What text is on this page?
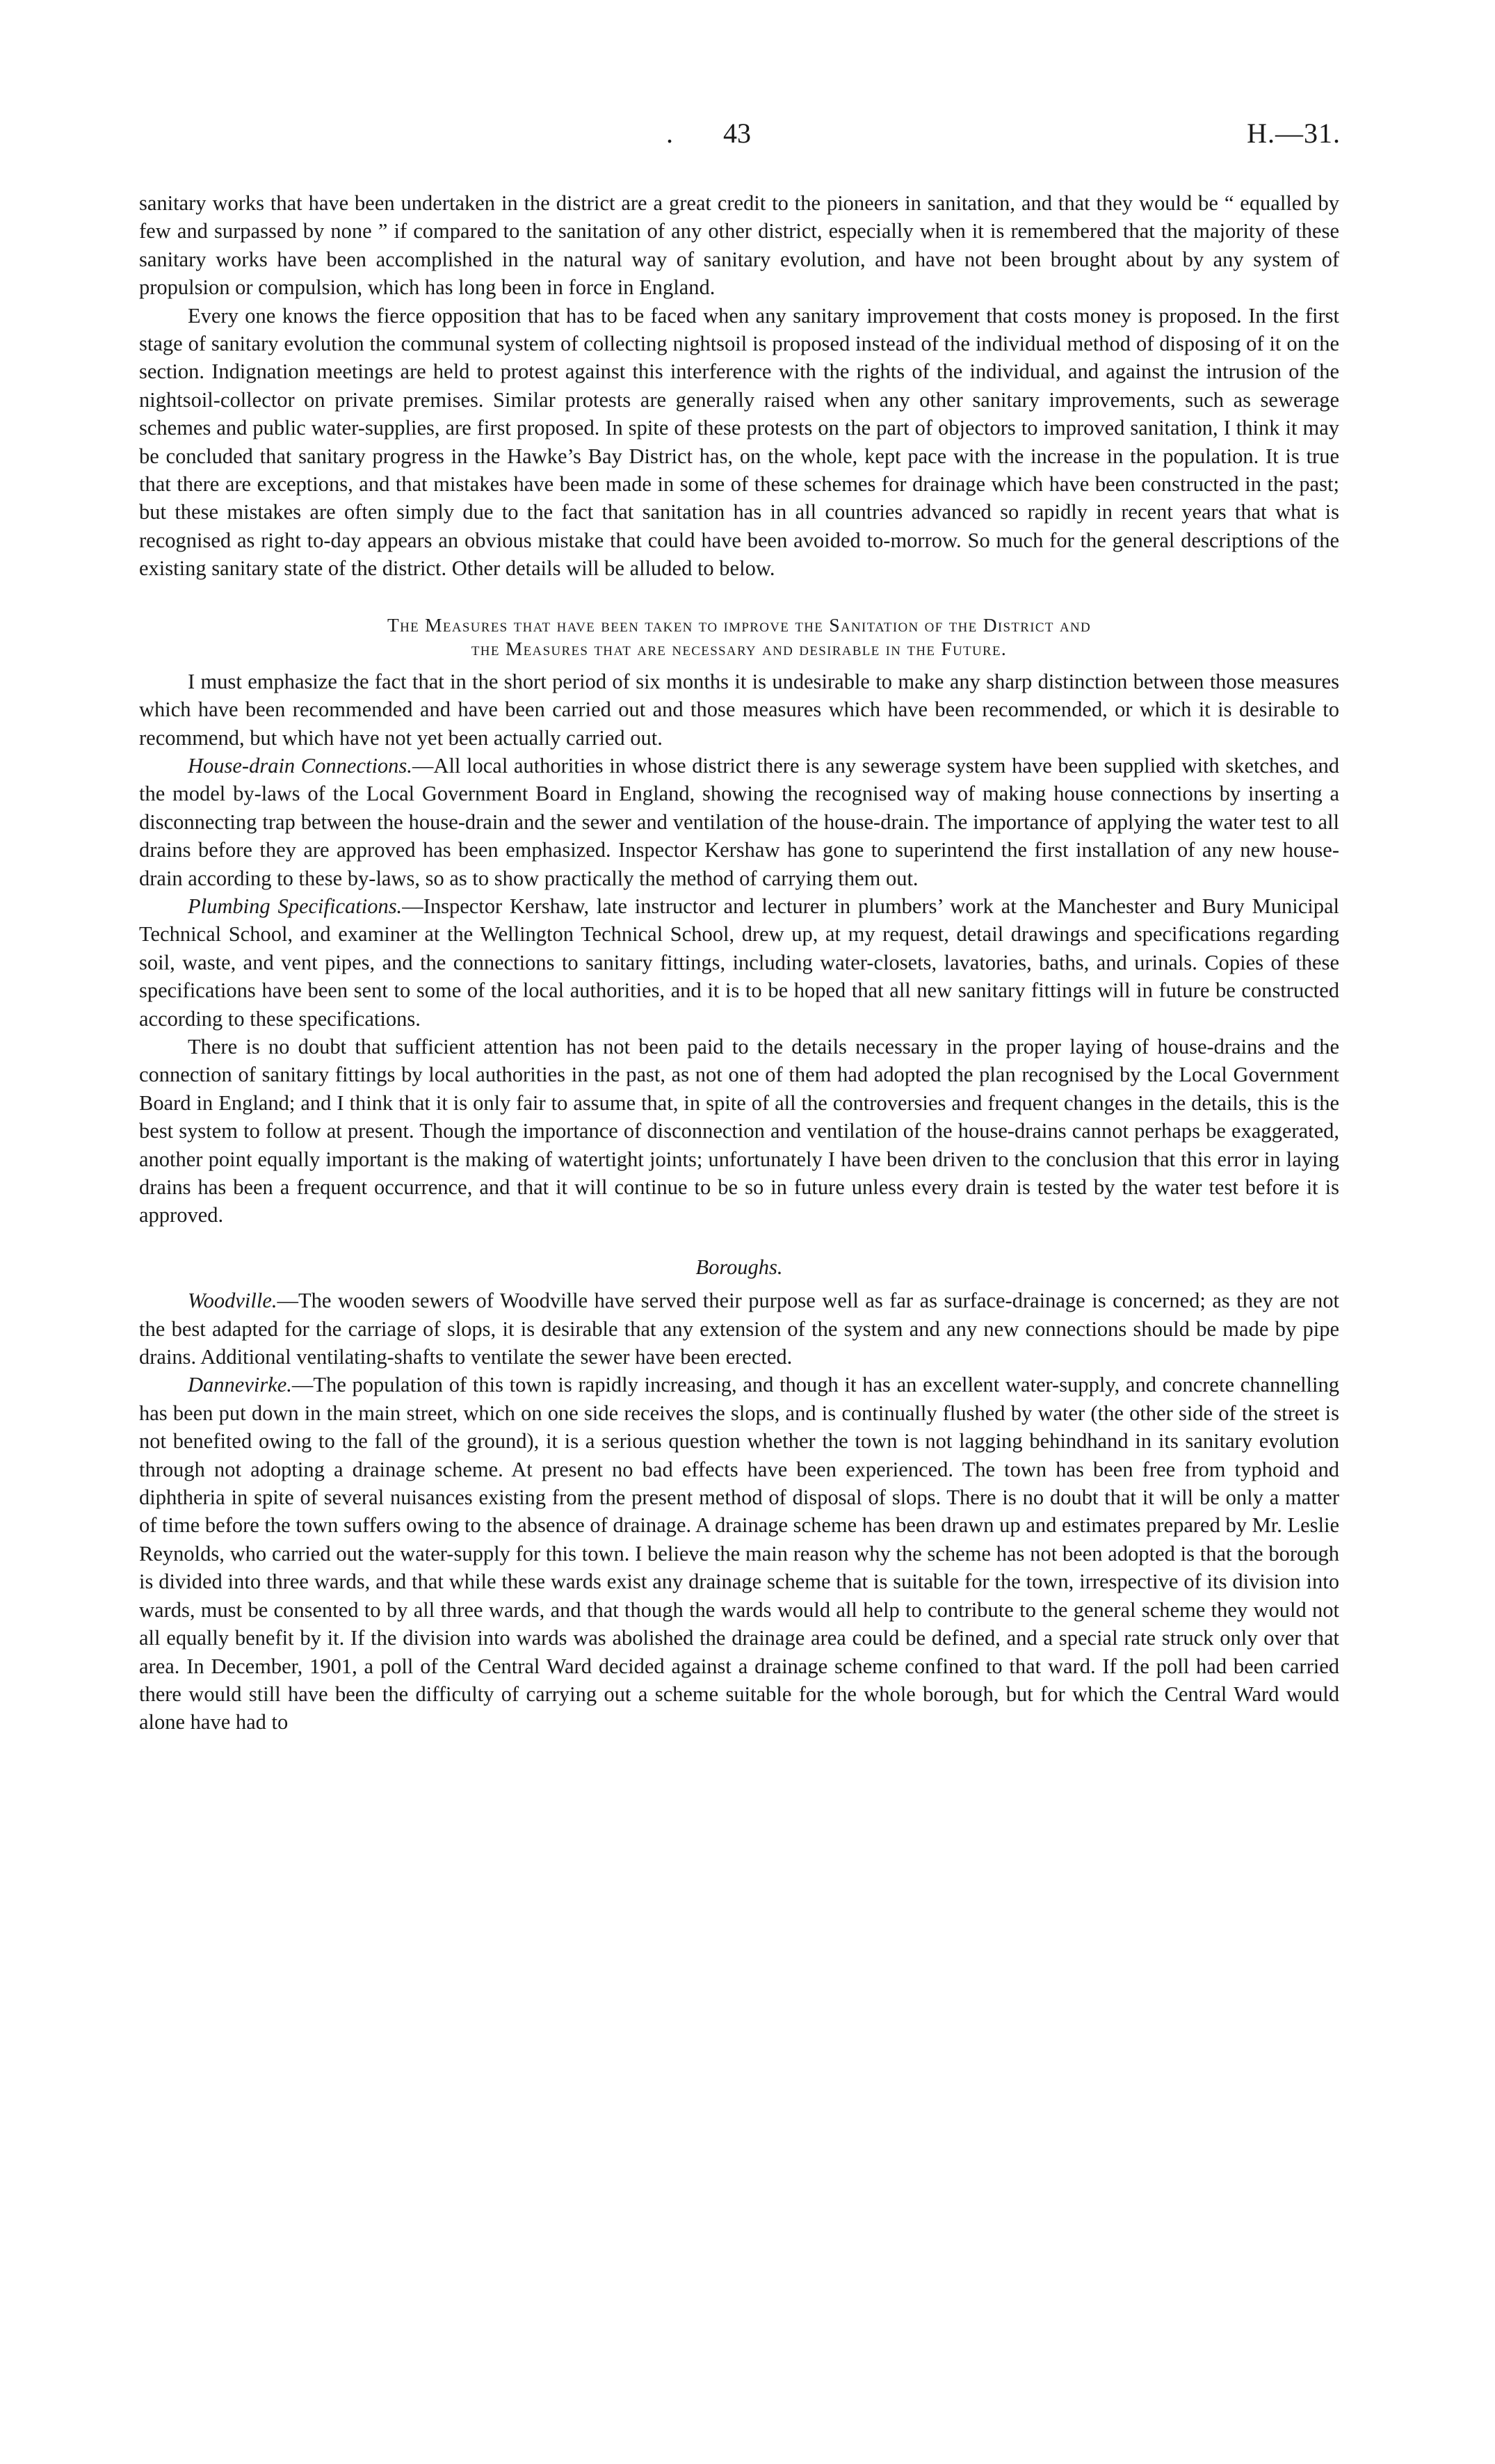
. 43	H.—31.

sanitary works that have been undertaken in the district are a great credit to the pioneers in sanitation, and that they would be “ equalled by few and surpassed by none ” if compared to the sanitation of any other district, especially when it is remembered that the majority of these sanitary works have been accomplished in the natural way of sanitary evolution, and have not been brought about by any system of propulsion or compulsion, which has long been in force in England.

Every one knows the fierce opposition that has to be faced when any sanitary improvement that costs money is proposed. In the first stage of sanitary evolution the communal system of collecting nightsoil is proposed instead of the individual method of disposing of it on the section. Indignation meetings are held to protest against this interference with the rights of the individual, and against the intrusion of the nightsoil-collector on private premises. Similar protests are generally raised when any other sanitary improvements, such as sewerage schemes and public water-supplies, are first proposed. In spite of these protests on the part of objectors to improved sanitation, I think it may be concluded that sanitary progress in the Hawke’s Bay District has, on the whole, kept pace with the increase in the population. It is true that there are exceptions, and that mistakes have been made in some of these schemes for drainage which have been constructed in the past; but these mistakes are often simply due to the fact that sanitation has in all countries advanced so rapidly in recent years that what is recognised as right to-day appears an obvious mistake that could have been avoided to-morrow. So much for the general descriptions of the existing sanitary state of the district. Other details will be alluded to below.

The Measures that have been taken to improve the Sanitation of the District and
the Measures that are necessary and desirable in the Future.

I must emphasize the fact that in the short period of six months it is undesirable to make any sharp distinction between those measures which have been recommended and have been carried out and those measures which have been recommended, or which it is desirable to recommend, but which have not yet been actually carried out.

House-drain Connections.—All local authorities in whose district there is any sewerage system have been supplied with sketches, and the model by-laws of the Local Government Board in England, showing the recognised way of making house connections by inserting a disconnecting trap between the house-drain and the sewer and ventilation of the house-drain. The importance of applying the water test to all drains before they are approved has been emphasized. Inspector Kershaw has gone to superintend the first installation of any new house-drain according to these by-laws, so as to show practically the method of carrying them out.

Plumbing Specifications.—Inspector Kershaw, late instructor and lecturer in plumbers’ work at the Manchester and Bury Municipal Technical School, and examiner at the Wellington Technical School, drew up, at my request, detail drawings and specifications regarding soil, waste, and vent pipes, and the connections to sanitary fittings, including water-closets, lavatories, baths, and urinals. Copies of these specifications have been sent to some of the local authorities, and it is to be hoped that all new sanitary fittings will in future be constructed according to these specifications.

There is no doubt that sufficient attention has not been paid to the details necessary in the proper laying of house-drains and the connection of sanitary fittings by local authorities in the past, as not one of them had adopted the plan recognised by the Local Government Board in England; and I think that it is only fair to assume that, in spite of all the controversies and frequent changes in the details, this is the best system to follow at present. Though the importance of disconnection and ventilation of the house-drains cannot perhaps be exaggerated, another point equally important is the making of watertight joints; unfortunately I have been driven to the conclusion that this error in laying drains has been a frequent occurrence, and that it will continue to be so in future unless every drain is tested by the water test before it is approved.

Boroughs.

Woodville.—The wooden sewers of Woodville have served their purpose well as far as surface-drainage is concerned; as they are not the best adapted for the carriage of slops, it is desirable that any extension of the system and any new connections should be made by pipe drains. Additional ventilating-shafts to ventilate the sewer have been erected.

Dannevirke.—The population of this town is rapidly increasing, and though it has an excellent water-supply, and concrete channelling has been put down in the main street, which on one side receives the slops, and is continually flushed by water (the other side of the street is not benefited owing to the fall of the ground), it is a serious question whether the town is not lagging behindhand in its sanitary evolution through not adopting a drainage scheme. At present no bad effects have been experienced. The town has been free from typhoid and diphtheria in spite of several nuisances existing from the present method of disposal of slops. There is no doubt that it will be only a matter of time before the town suffers owing to the absence of drainage. A drainage scheme has been drawn up and estimates prepared by Mr. Leslie Reynolds, who carried out the water-supply for this town. I believe the main reason why the scheme has not been adopted is that the borough is divided into three wards, and that while these wards exist any drainage scheme that is suitable for the town, irrespective of its division into wards, must be consented to by all three wards, and that though the wards would all help to contribute to the general scheme they would not all equally benefit by it. If the division into wards was abolished the drainage area could be defined, and a special rate struck only over that area. In December, 1901, a poll of the Central Ward decided against a drainage scheme confined to that ward. If the poll had been carried there would still have been the difficulty of carrying out a scheme suitable for the whole borough, but for which the Central Ward would alone have had to
